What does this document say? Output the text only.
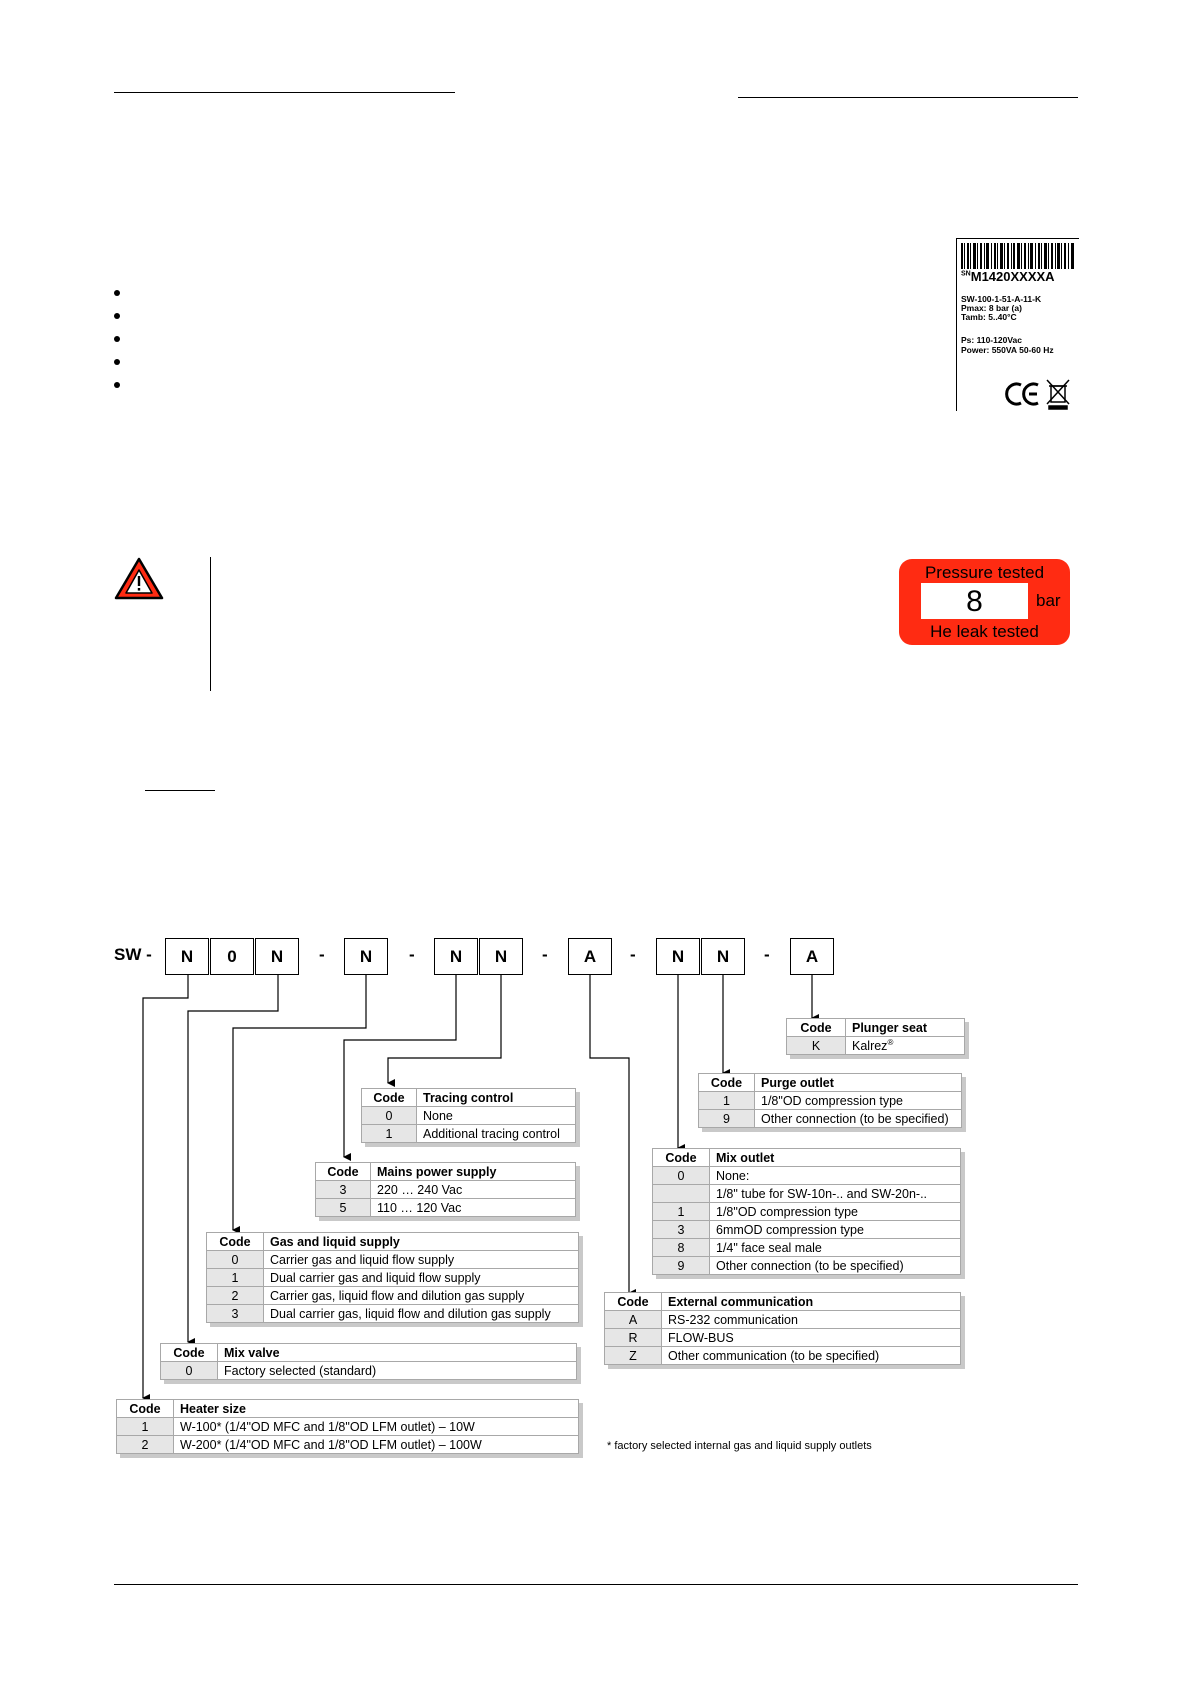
$^{SN}$M1420XXXXA
SW-100-1-51-A-11-K
Pmax: 8 bar (a)
Tamb: 5..40°C
Ps: 110-120Vac
Power: 550VA 50-60 Hz
Pressure tested
8	bar
He leak tested
SW -	N	0	N	-	N	-	N	N	-	A	-	N	N	-	A
Code	Plunger seat
K	Kalrez®
Code	Purge outlet
1	1/8"OD compression type
9	Other connection (to be specified)
Code	Tracing control
0	None
1	Additional tracing control
Code	Mains power supply
3	220 … 240 Vac
5	110 … 120 Vac
Code	Mix outlet
0	None:
	1/8" tube for SW-10n-.. and SW-20n-..
1	1/8"OD compression type
3	6mmOD compression type
8	1/4" face seal male
9	Other connection (to be specified)
Code	Gas and liquid supply
0	Carrier gas and liquid flow supply
1	Dual carrier gas and liquid flow supply
2	Carrier gas, liquid flow and dilution gas supply
3	Dual carrier gas, liquid flow and dilution gas supply
Code	External communication
A	RS-232 communication
R	FLOW-BUS
Z	Other communication (to be specified)
Code	Mix valve
0	Factory selected (standard)
Code	Heater size
1	W-100* (1/4"OD MFC and 1/8"OD LFM outlet) – 10W
2	W-200* (1/4"OD MFC and 1/8"OD LFM outlet) – 100W	* factory selected internal gas and liquid supply outlets
